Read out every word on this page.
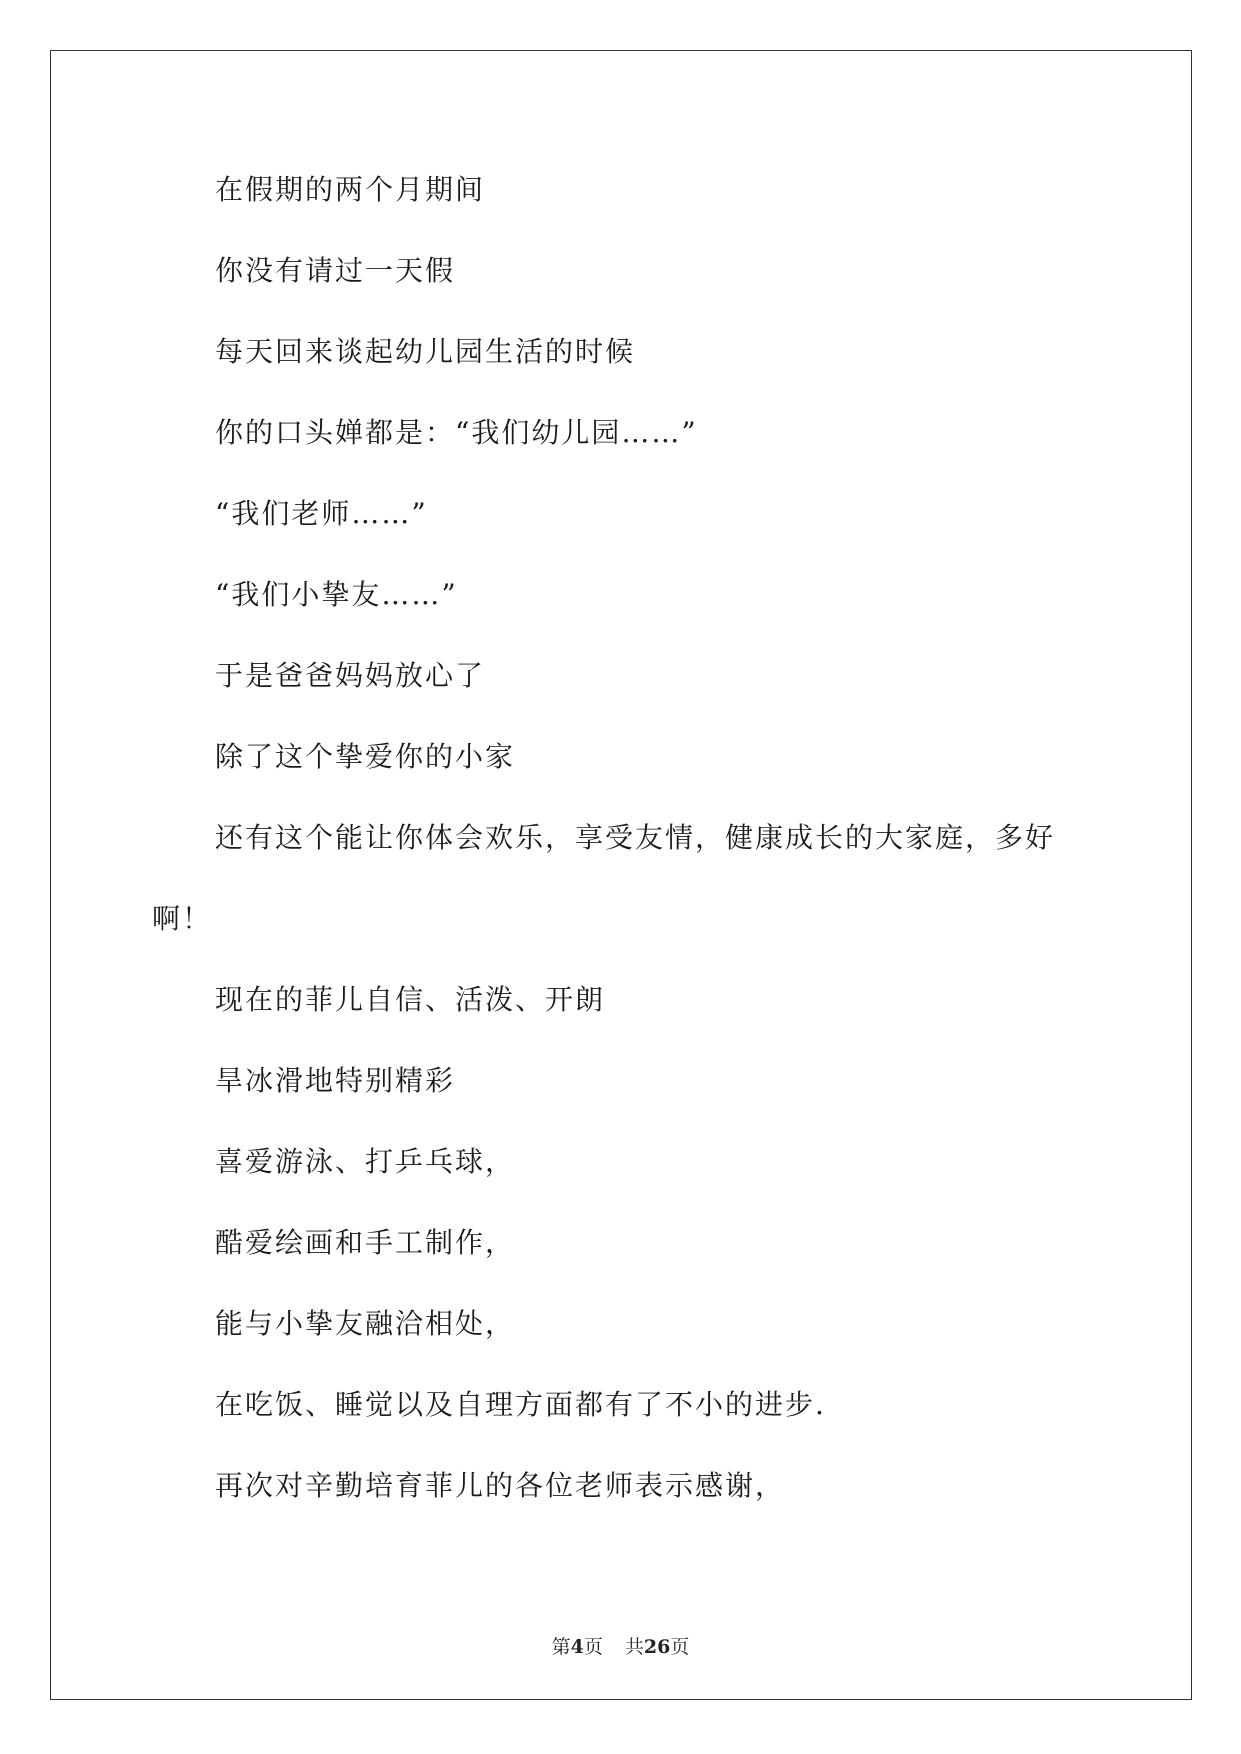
在假期的两个月期间
你没有请过一天假
每天回来谈起幼儿园生活的时候
你的口头婵都是：“我们幼儿园……”
“我们老师……”
“我们小挚友……”
于是爸爸妈妈放心了
除了这个挚爱你的小家
还有这个能让你体会欢乐，享受友情，健康成长的大家庭，多好
啊！
现在的菲儿自信、活泼、开朗
旱冰滑地特别精彩
喜爱游泳、打乒乓球，
酷爱绘画和手工制作，
能与小挚友融洽相处，
在吃饭、睡觉以及自理方面都有了不小的进步.
再次对辛勤培育菲儿的各位老师表示感谢，
第4页 共26页
